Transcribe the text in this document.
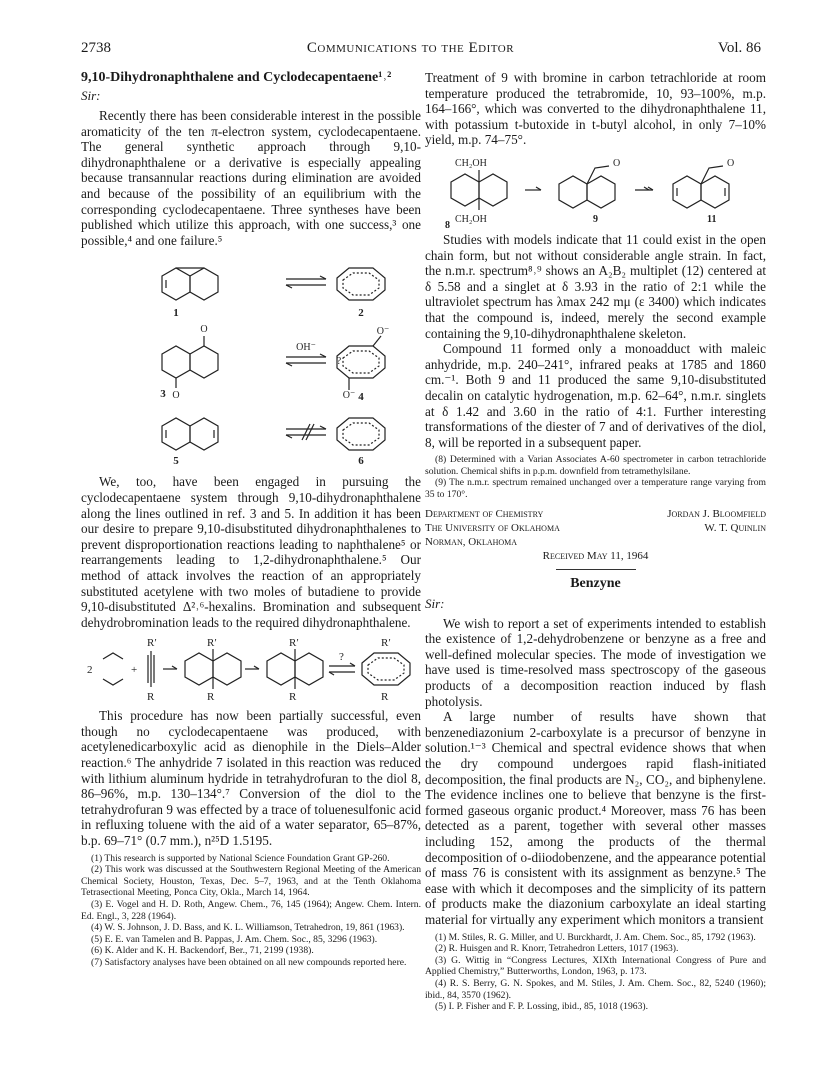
2738	Communications to the Editor	Vol. 86
9,10-Dihydronaphthalene and Cyclodecapentaene¹˒²
Sir:

Recently there has been considerable interest in the possible aromaticity of the ten π-electron system, cyclodecapentaene. The general synthetic approach through 9,10-dihydronaphthalene or a derivative is especially appealing because transannular reactions during elimination are avoided and because of the possibility of an equilibrium with the corresponding cyclodecapentaene. Three syntheses have been published which utilize this approach, with one success,³ one possible,⁴ and one failure.⁵

1	2
3	4
5	6
O
O
OH⁻
?
O⁻
O⁻

We, too, have been engaged in pursuing the cyclodecapentaene system through 9,10-dihydronaphthalene along the lines outlined in ref. 3 and 5. In addition it has been our desire to prepare 9,10-disubstituted dihydronaphthalenes to prevent disproportionation reactions leading to naphthalene⁵ or rearrangements leading to 1,2-dihydronaphthalene.⁵ Our method of attack involves the reaction of an appropriately substituted acetylene with two moles of butadiene to provide 9,10-disubstituted Δ²˒⁶-hexalins. Bromination and subsequent dehydrobromination leads to the required dihydronaphthalene.

2	+
R′
R
R′
R
R′
R
?
R′
R

This procedure has now been partially successful, even though no cyclodecapentaene was produced, with acetylenedicarboxylic acid as dienophile in the Diels–Alder reaction.⁶ The anhydride 7 isolated in this reaction was reduced with lithium aluminum hydride in tetrahydrofuran to the diol 8, 86–96%, m.p. 130–134°.⁷ Conversion of the diol to the tetrahydrofuran 9 was effected by a trace of toluenesulfonic acid in refluxing toluene with the aid of a water separator, 65–87%, b.p. 69–71° (0.7 mm.), n²⁵D 1.5195.

(1) This research is supported by National Science Foundation Grant GP-260.

(2) This work was discussed at the Southwestern Regional Meeting of the American Chemical Society, Houston, Texas, Dec. 5–7, 1963, and at the Tenth Oklahoma Tetrasectional Meeting, Ponca City, Okla., March 14, 1964.

(3) E. Vogel and H. D. Roth, Angew. Chem., 76, 145 (1964); Angew. Chem. Intern. Ed. Engl., 3, 228 (1964).

(4) W. S. Johnson, J. D. Bass, and K. L. Williamson, Tetrahedron, 19, 861 (1963).

(5) E. E. van Tamelen and B. Pappas, J. Am. Chem. Soc., 85, 3296 (1963).

(6) K. Alder and K. H. Backendorf, Ber., 71, 2199 (1938).

(7) Satisfactory analyses have been obtained on all new compounds reported here.

Treatment of 9 with bromine in carbon tetrachloride at room temperature produced the tetrabromide, 10, 93–100%, m.p. 164–166°, which was converted to the dihydronaphthalene 11, with potassium t-butoxide in t-butyl alcohol, in only 7–10% yield, m.p. 74–75°.

CH₂OH
CH₂OH
O	O
8
9	11

Studies with models indicate that 11 could exist in the open chain form, but not without considerable angle strain. In fact, the n.m.r. spectrum⁸˒⁹ shows an A₂B₂ multiplet (12) centered at δ 5.58 and a singlet at δ 3.93 in the ratio of 2:1 while the ultraviolet spectrum has λmax 242 mμ (ε 3400) which indicates that the compound is, indeed, merely the second example containing the 9,10-dihydronaphthalene skeleton.

Compound 11 formed only a monoadduct with maleic anhydride, m.p. 240–241°, infrared peaks at 1785 and 1860 cm.⁻¹. Both 9 and 11 produced the same 9,10-disubstituted decalin on catalytic hydrogenation, m.p. 62–64°, n.m.r. singlets at δ 1.42 and 3.60 in the ratio of 4:1. Further interesting transformations of the diester of 7 and of derivatives of the diol, 8, will be reported in a subsequent paper.

(8) Determined with a Varian Associates A-60 spectrometer in carbon tetrachloride solution. Chemical shifts in p.p.m. downfield from tetramethylsilane.

(9) The n.m.r. spectrum remained unchanged over a temperature range varying from 35 to 170°.

Department of Chemistry	Jordan J. Bloomfield
The University of Oklahoma	W. T. Quinlin
Norman, Oklahoma
Received May 11, 1964
Benzyne
Sir:

We wish to report a set of experiments intended to establish the existence of 1,2-dehydrobenzene or benzyne as a free and well-defined molecular species. The mode of investigation we have used is time-resolved mass spectroscopy of the gaseous products of a decomposition reaction induced by flash photolysis.

A large number of results have shown that benzenediazonium 2-carboxylate is a precursor of benzyne in solution.¹⁻³ Chemical and spectral evidence shows that when the dry compound undergoes rapid flash-initiated decomposition, the final products are N₂, CO₂, and biphenylene. The evidence inclines one to believe that benzyne is the first-formed gaseous organic product.⁴ Moreover, mass 76 has been detected as a parent, together with several other masses including 152, among the products of the thermal decomposition of o-diiodobenzene, and the appearance potential of mass 76 is consistent with its assignment as benzyne.⁵ The ease with which it decomposes and the simplicity of its pattern of products make the diazonium carboxylate an ideal starting material for virtually any experiment which monitors a transient

(1) M. Stiles, R. G. Miller, and U. Burckhardt, J. Am. Chem. Soc., 85, 1792 (1963).

(2) R. Huisgen and R. Knorr, Tetrahedron Letters, 1017 (1963).

(3) G. Wittig in “Congress Lectures, XIXth International Congress of Pure and Applied Chemistry,” Butterworths, London, 1963, p. 173.

(4) R. S. Berry, G. N. Spokes, and M. Stiles, J. Am. Chem. Soc., 82, 5240 (1960); ibid., 84, 3570 (1962).

(5) I. P. Fisher and F. P. Lossing, ibid., 85, 1018 (1963).
